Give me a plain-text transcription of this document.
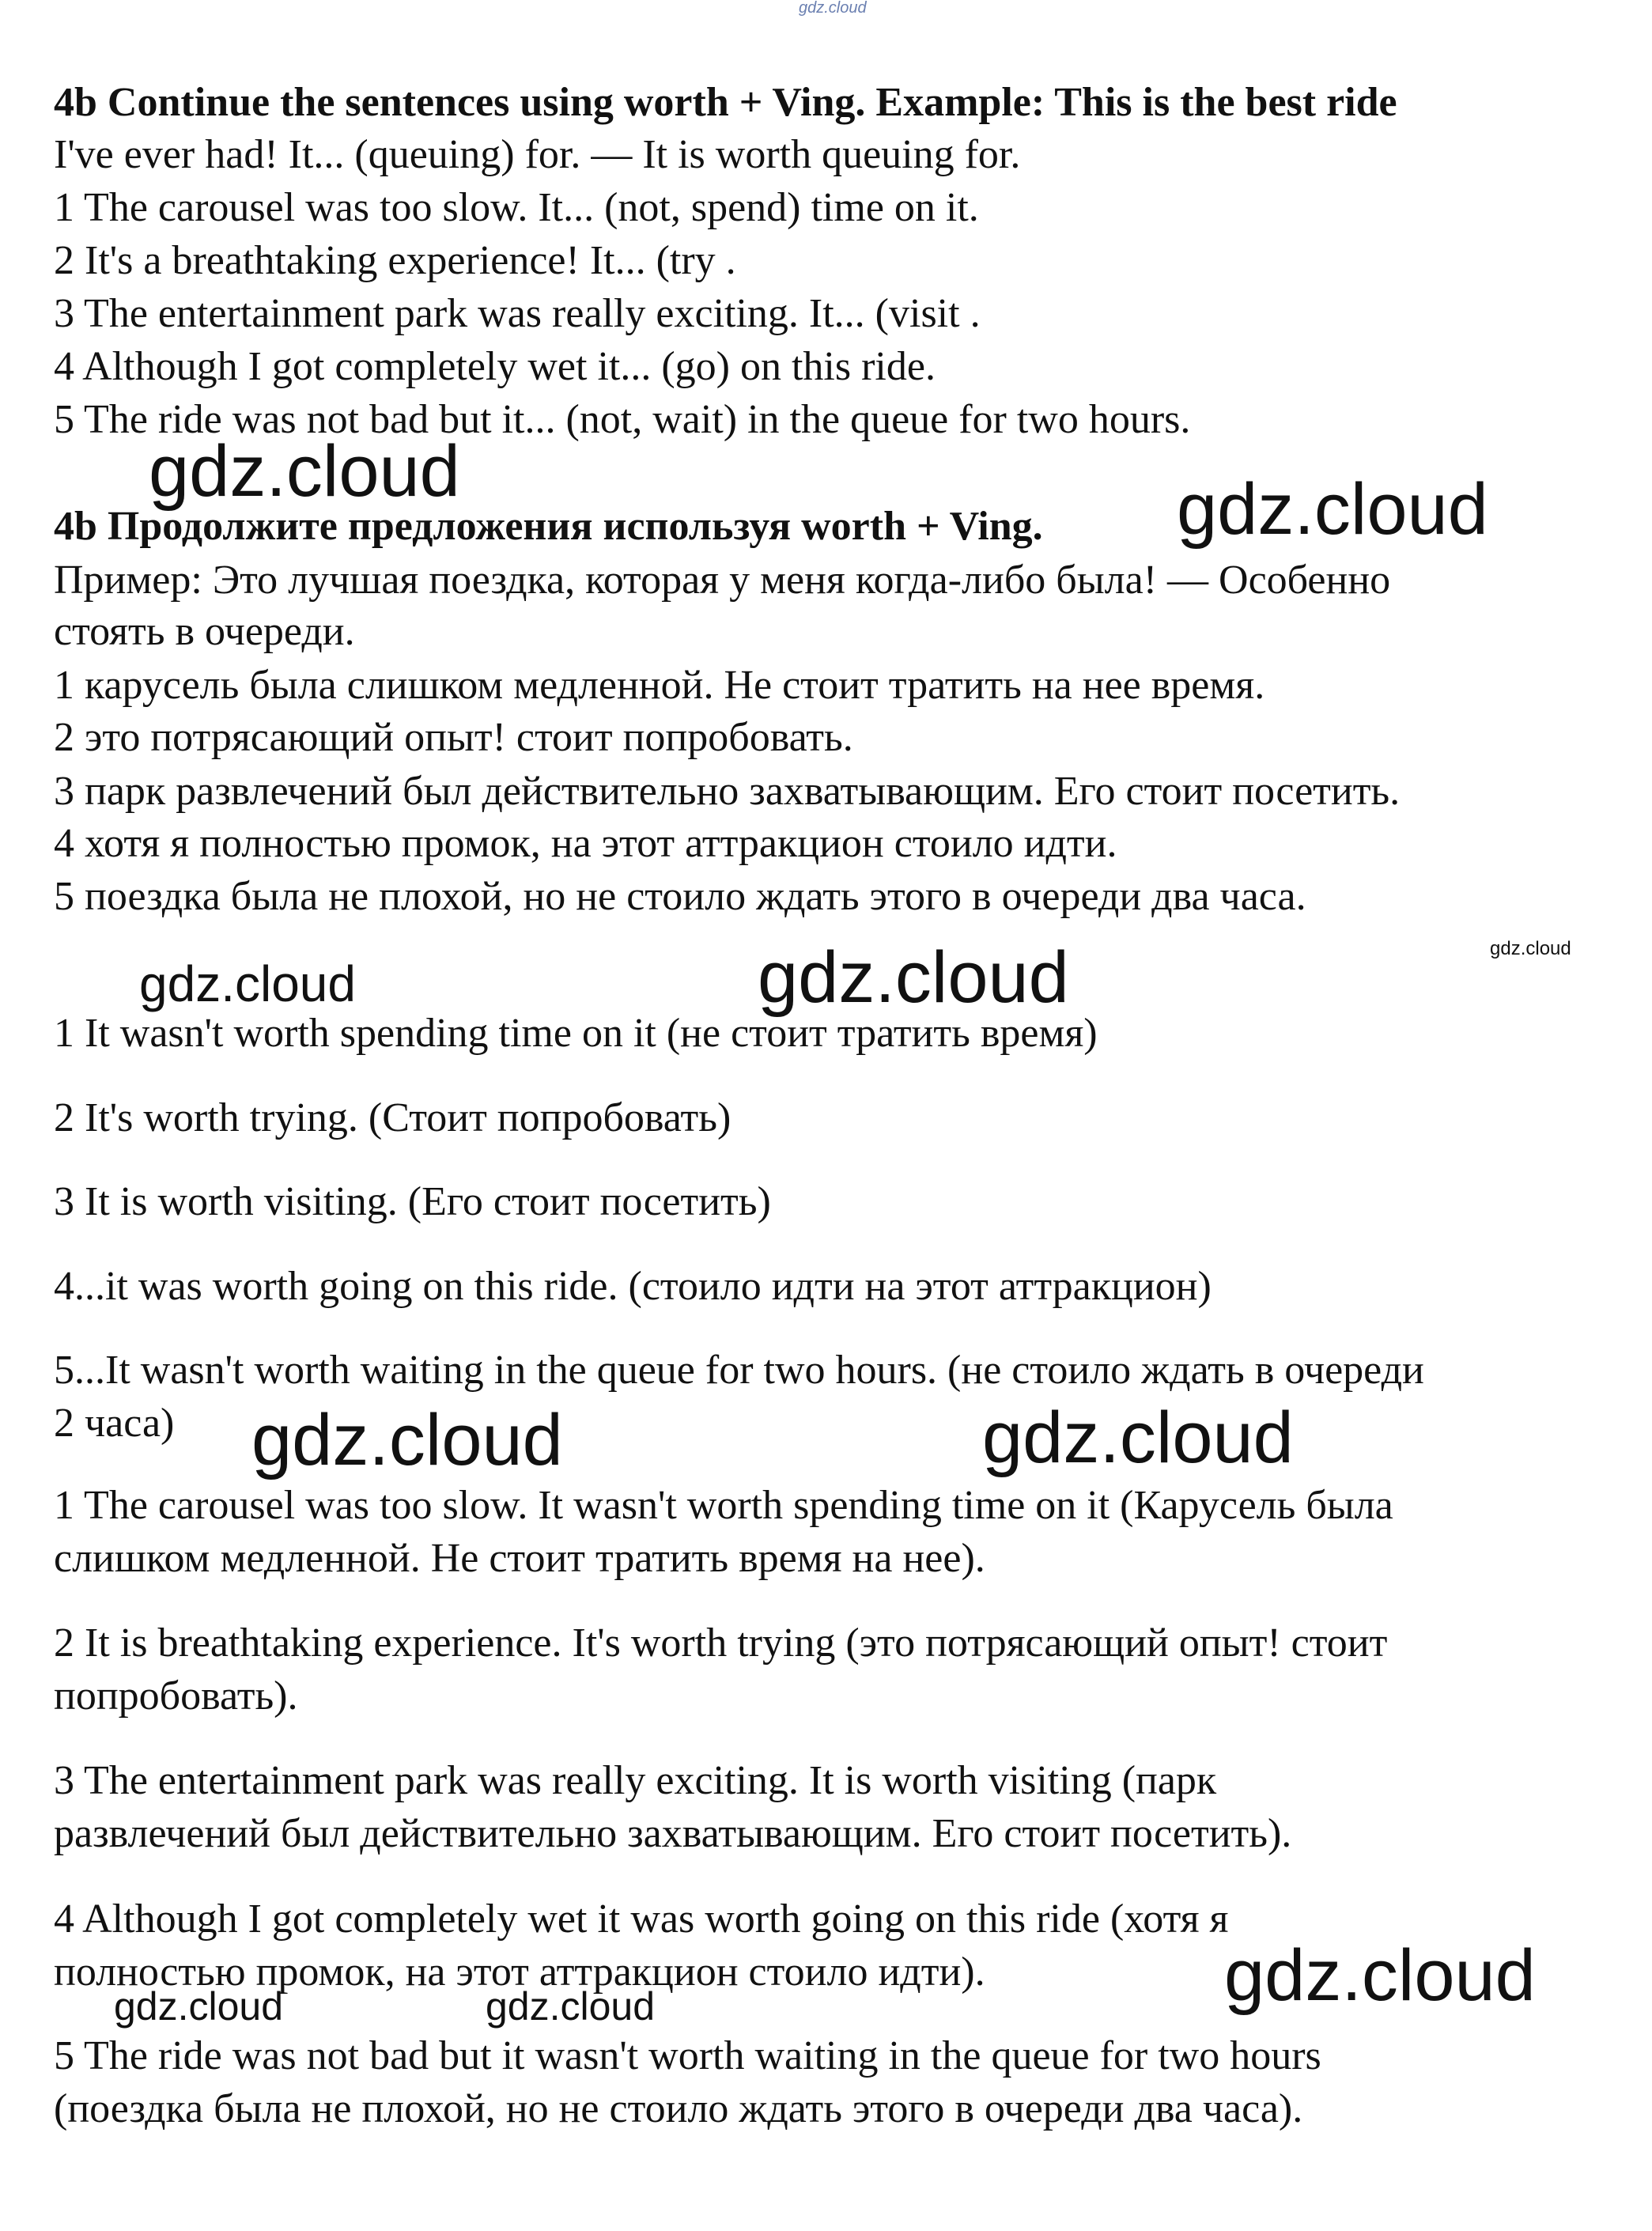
gdz.cloud
4b Continue the sentences using worth + Ving. Example: This is the best ride
I've ever had! It... (queuing) for. — It is worth queuing for.
1 The carousel was too slow. It... (not, spend) time on it.
2 It's a breathtaking experience! It... (try .
3 The entertainment park was really exciting. It... (visit .
4 Although I got completely wet it... (go) on this ride.
5 The ride was not bad but it... (not, wait) in the queue for two hours.
gdz.cloud
4b Продолжите предложения используя worth + Ving. gdz.cloud
Пример: Это лучшая поездка, которая у меня когда-либо была! — Особенно
стоять в очереди.
1 карусель была слишком медленной. Не стоит тратить на нее время.
2 это потрясающий опыт! стоит попробовать.
3 парк развлечений был действительно захватывающим. Его стоит посетить.
4 хотя я полностью промок, на этот аттракцион стоило идти.
5 поездка была не плохой, но не стоило ждать этого в очереди два часа.
gdz.cloud
gdz.cloud	gdz.cloud
1 It wasn't worth spending time on it (не стоит тратить время)
2 It's worth trying. (Стоит попробовать)
3 It is worth visiting. (Его стоит посетить)
4...it was worth going on this ride. (стоило идти на этот аттракцион)
5...It wasn't worth waiting in the queue for two hours. (не стоило ждать в очереди
2 часа) gdz.cloud	gdz.cloud
1 The carousel was too slow. It wasn't worth spending time on it (Карусель была
слишком медленной. Не стоит тратить время на нее).
2 It is breathtaking experience. It's worth trying (это потрясающий опыт! стоит
попробовать).
3 The entertainment park was really exciting. It is worth visiting (парк
развлечений был действительно захватывающим. Его стоит посетить).
4 Although I got completely wet it was worth going on this ride (хотя я
полностью промок, на этот аттракцион стоило идти).	gdz.cloud
gdz.cloud	gdz.cloud
5 The ride was not bad but it wasn't worth waiting in the queue for two hours
(поездка была не плохой, но не стоило ждать этого в очереди два часа).
